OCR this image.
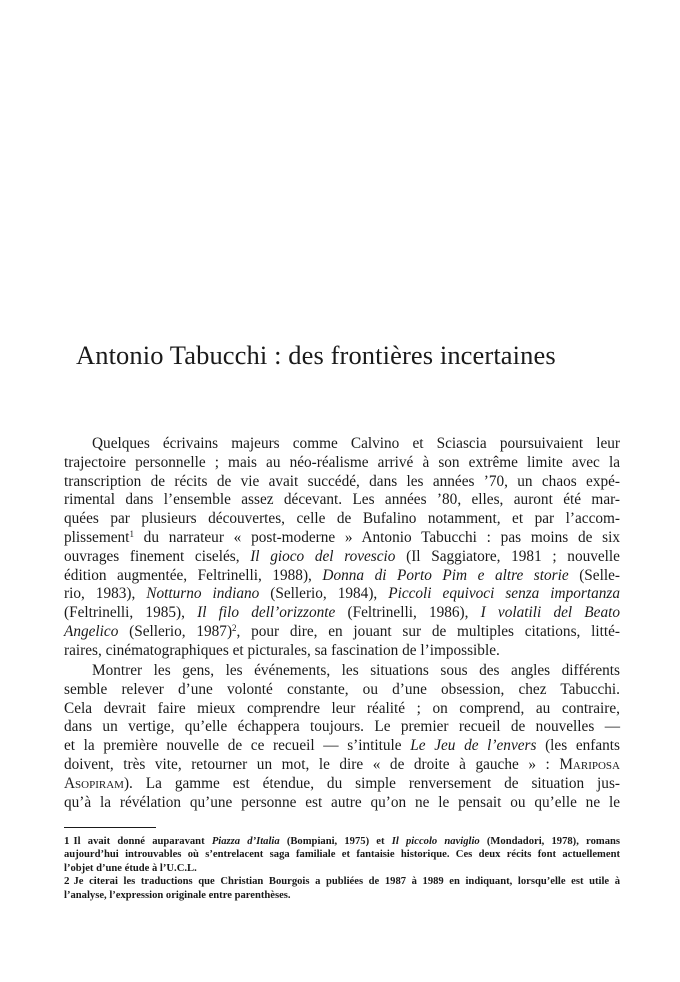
Antonio Tabucchi : des frontières incertaines
Quelques écrivains majeurs comme Calvino et Sciascia poursuivaient leur
trajectoire personnelle ; mais au néo-réalisme arrivé à son extrême limite avec la
transcription de récits de vie avait succédé, dans les années ’70, un chaos expé-
rimental dans l’ensemble assez décevant. Les années ’80, elles, auront été mar-
quées par plusieurs découvertes, celle de Bufalino notamment, et par l’accom-
plissement$^1$ du narrateur « post-moderne » Antonio Tabucchi : pas moins de six
ouvrages finement ciselés, Il gioco del rovescio (Il Saggiatore, 1981 ; nouvelle
édition augmentée, Feltrinelli, 1988), Donna di Porto Pim e altre storie (Selle-
rio, 1983), Notturno indiano (Sellerio, 1984), Piccoli equivoci senza importanza
(Feltrinelli, 1985), Il filo dell’orizzonte (Feltrinelli, 1986), I volatili del Beato
Angelico (Sellerio, 1987)$^2$, pour dire, en jouant sur de multiples citations, litté-
raires, cinématographiques et picturales, sa fascination de l’impossible.
Montrer les gens, les événements, les situations sous des angles différents
semble relever d’une volonté constante, ou d’une obsession, chez Tabucchi.
Cela devrait faire mieux comprendre leur réalité ; on comprend, au contraire,
dans un vertige, qu’elle échappera toujours. Le premier recueil de nouvelles —
et la première nouvelle de ce recueil — s’intitule Le Jeu de l’envers (les enfants
doivent, très vite, retourner un mot, le dire « de droite à gauche » : Mariposa
Asopiram). La gamme est étendue, du simple renversement de situation jus-
qu’à la révélation qu’une personne est autre qu’on ne le pensait ou qu’elle ne le
1 Il avait donné auparavant Piazza d’Italia (Bompiani, 1975) et Il piccolo naviglio (Mondadori, 1978), romans
aujourd’hui introuvables où s’entrelacent saga familiale et fantaisie historique. Ces deux récits font actuellement
l’objet d’une étude à l’U.C.L.
2 Je citerai les traductions que Christian Bourgois a publiées de 1987 à 1989 en indiquant, lorsqu’elle est utile à
l’analyse, l’expression originale entre parenthèses.
